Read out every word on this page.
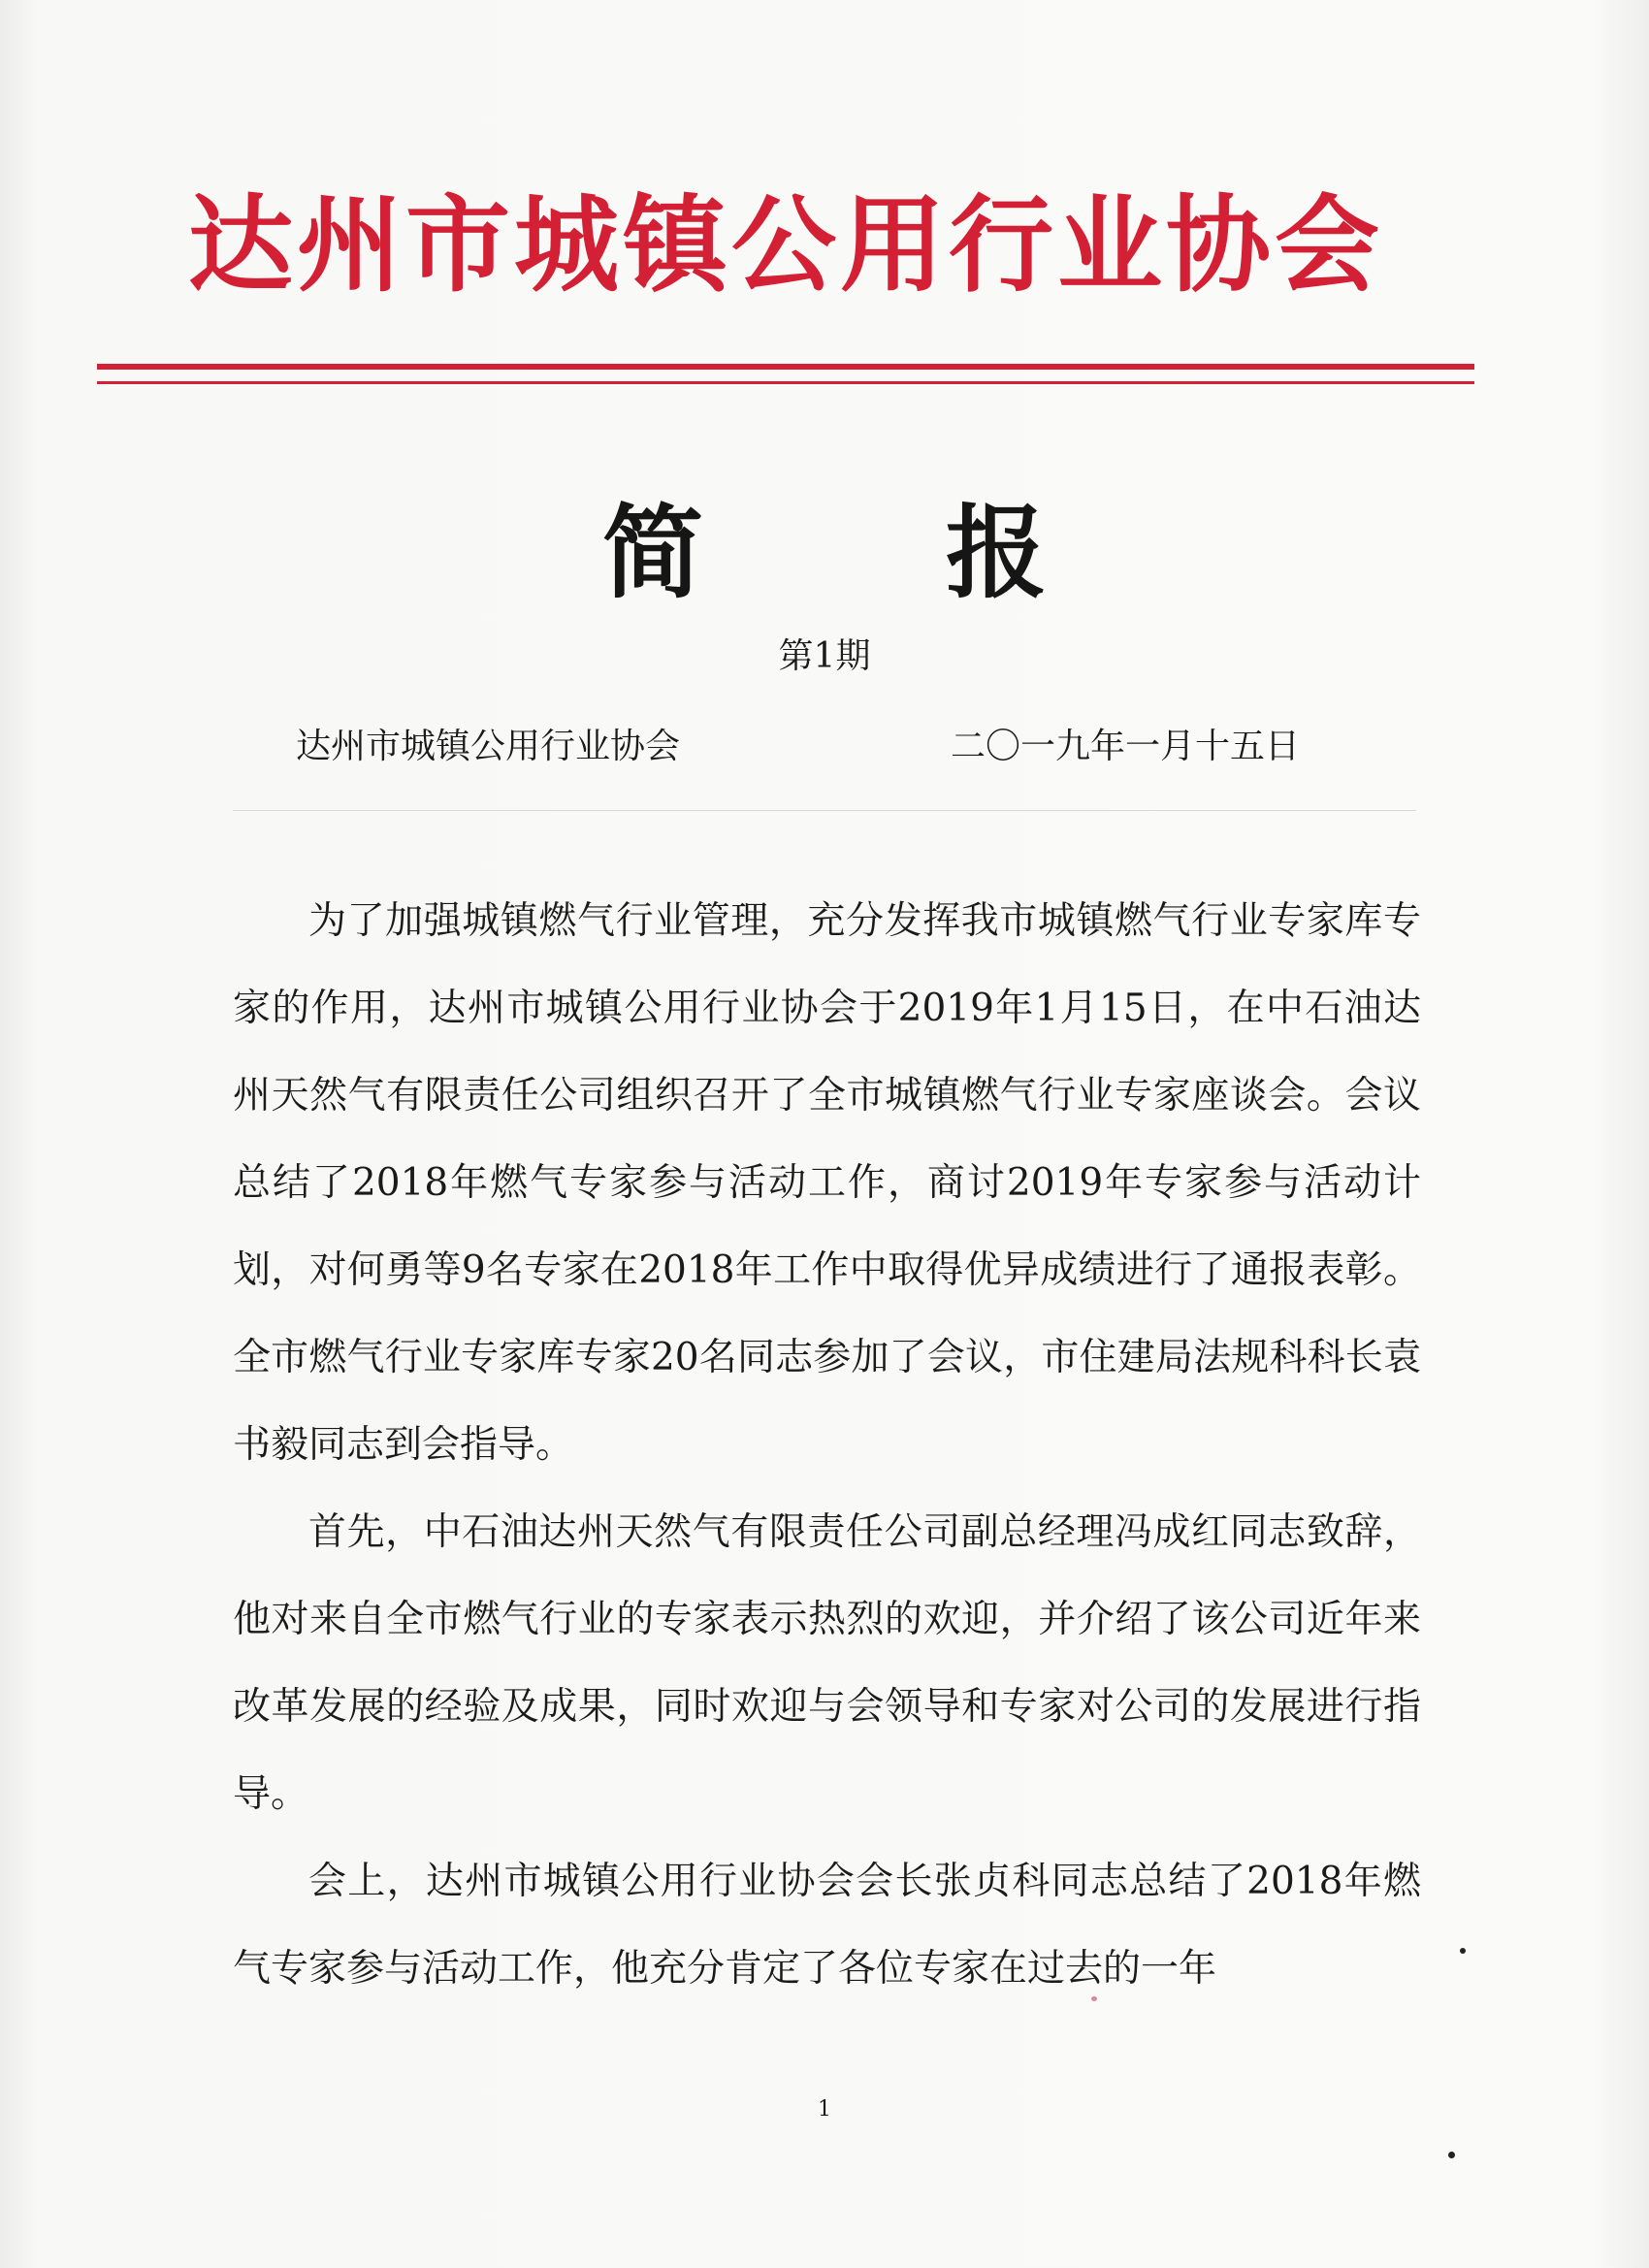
达州市城镇公用行业协会
简 报
第1期
达州市城镇公用行业协会	二〇一九年一月十五日

为了加强城镇燃气行业管理，充分发挥我市城镇燃气行业专家库专家的作用，达州市城镇公用行业协会于2019年1月15日，在中石油达州天然气有限责任公司组织召开了全市城镇燃气行业专家座谈会。会议总结了2018年燃气专家参与活动工作，商讨2019年专家参与活动计划，对何勇等9名专家在2018年工作中取得优异成绩进行了通报表彰。全市燃气行业专家库专家20名同志参加了会议，市住建局法规科科长袁书毅同志到会指导。

首先，中石油达州天然气有限责任公司副总经理冯成红同志致辞，他对来自全市燃气行业的专家表示热烈的欢迎，并介绍了该公司近年来改革发展的经验及成果，同时欢迎与会领导和专家对公司的发展进行指导。

会上，达州市城镇公用行业协会会长张贞科同志总结了2018年燃气专家参与活动工作，他充分肯定了各位专家在过去的一年

1
